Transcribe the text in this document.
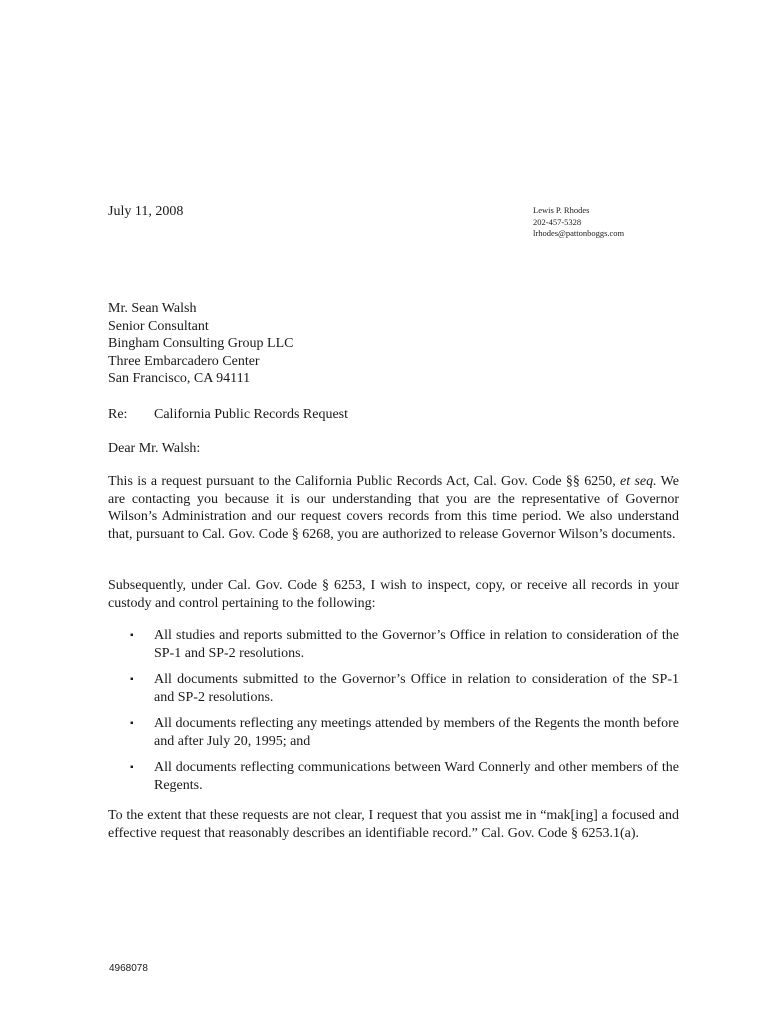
July 11, 2008	Lewis P. Rhodes
202-457-5328
lrhodes@pattonboggs.com
Mr. Sean Walsh
Senior Consultant
Bingham Consulting Group LLC
Three Embarcadero Center
San Francisco, CA 94111
Re: California Public Records Request
Dear Mr. Walsh:
This is a request pursuant to the California Public Records Act, Cal. Gov. Code §§ 6250, et seq. We are contacting you because it is our understanding that you are the representative of Governor Wilson’s Administration and our request covers records from this time period. We also understand that, pursuant to Cal. Gov. Code § 6268, you are authorized to release Governor Wilson’s documents.
Subsequently, under Cal. Gov. Code § 6253, I wish to inspect, copy, or receive all records in your custody and control pertaining to the following:
▪ All studies and reports submitted to the Governor’s Office in relation to consideration of the SP-1 and SP-2 resolutions.
▪ All documents submitted to the Governor’s Office in relation to consideration of the SP-1 and SP-2 resolutions.
▪ All documents reflecting any meetings attended by members of the Regents the month before and after July 20, 1995; and
▪ All documents reflecting communications between Ward Connerly and other members of the Regents.
To the extent that these requests are not clear, I request that you assist me in “mak[ing] a focused and effective request that reasonably describes an identifiable record.” Cal. Gov. Code § 6253.1(a).
4968078
